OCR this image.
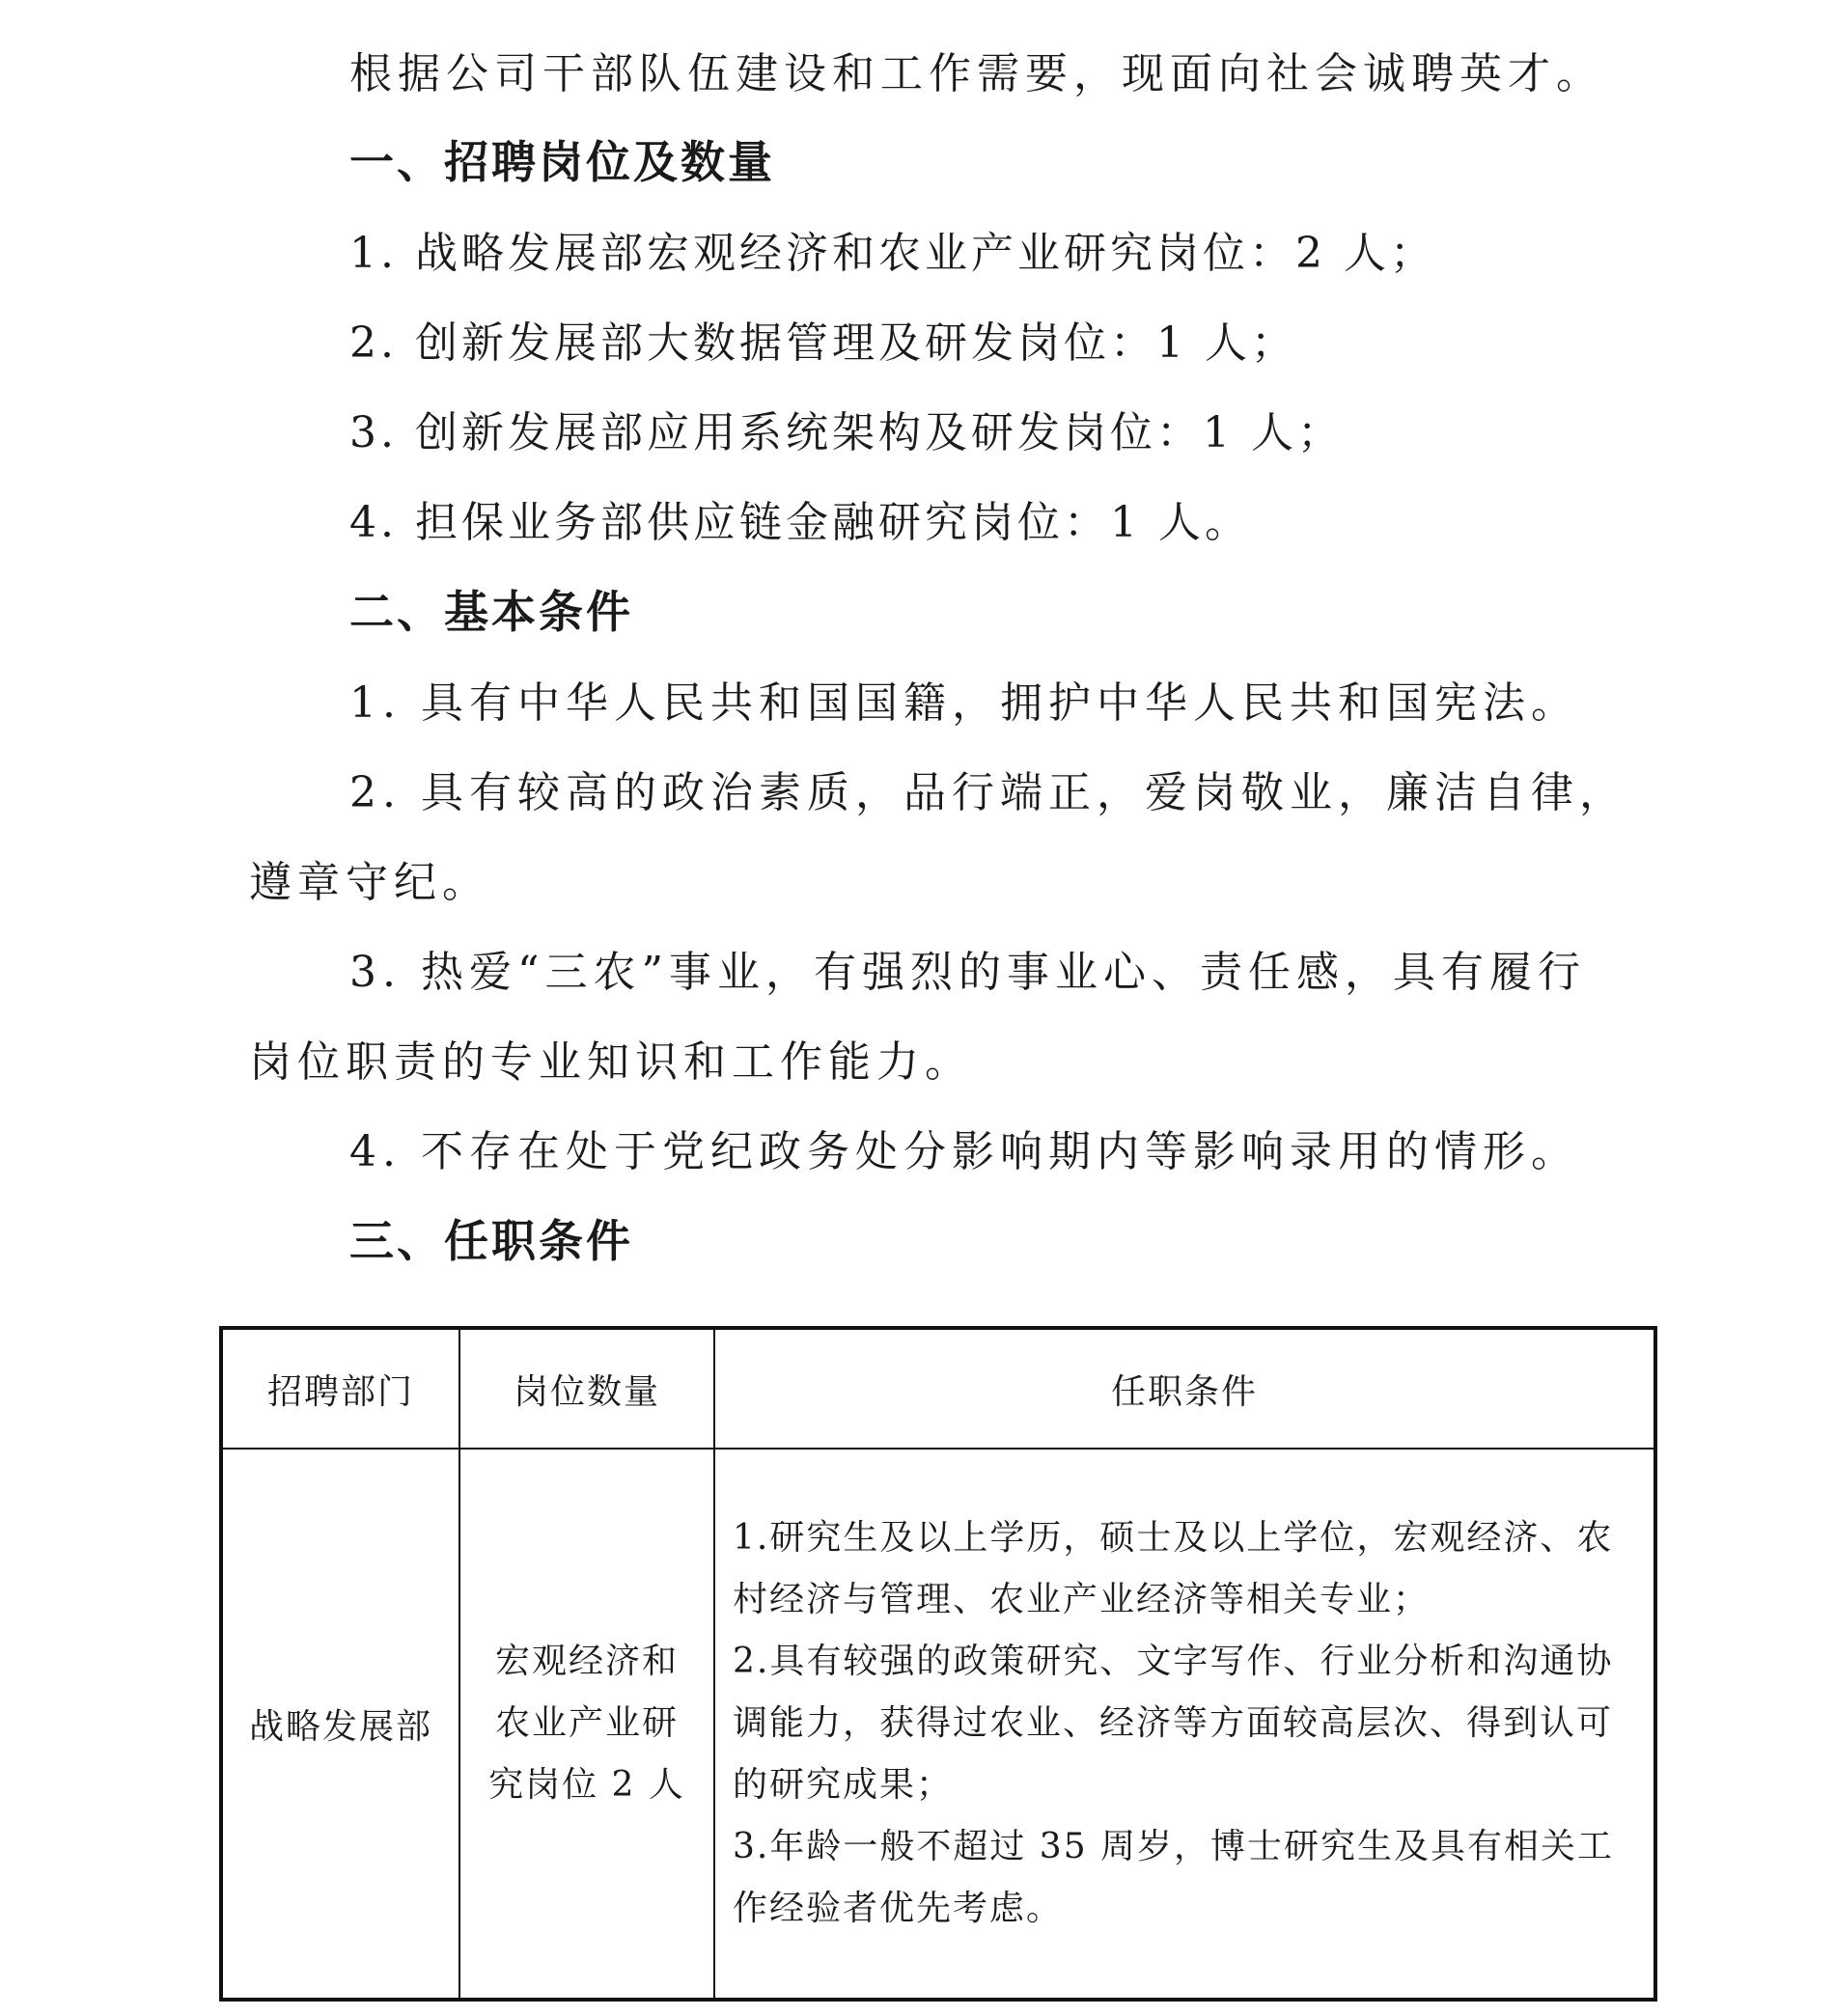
根据公司干部队伍建设和工作需要，现面向社会诚聘英才。

一、招聘岗位及数量

1. 战略发展部宏观经济和农业产业研究岗位：2 人；

2. 创新发展部大数据管理及研发岗位：1 人；

3. 创新发展部应用系统架构及研发岗位：1 人；

4. 担保业务部供应链金融研究岗位：1 人。

二、基本条件

1. 具有中华人民共和国国籍，拥护中华人民共和国宪法。

2. 具有较高的政治素质，品行端正，爱岗敬业，廉洁自律，遵章守纪。

3. 热爱“三农”事业，有强烈的事业心、责任感，具有履行岗位职责的专业知识和工作能力。

4. 不存在处于党纪政务处分影响期内等影响录用的情形。

三、任职条件
招聘部门	岗位数量	任职条件
战略发展部	宏观经济和农业产业研究岗位 2 人	1.研究生及以上学历，硕士及以上学位，宏观经济、农村经济与管理、农业产业经济等相关专业；

2.具有较强的政策研究、文字写作、行业分析和沟通协调能力，获得过农业、经济等方面较高层次、得到认可的研究成果；

3.年龄一般不超过 35 周岁，博士研究生及具有相关工作经验者优先考虑。
